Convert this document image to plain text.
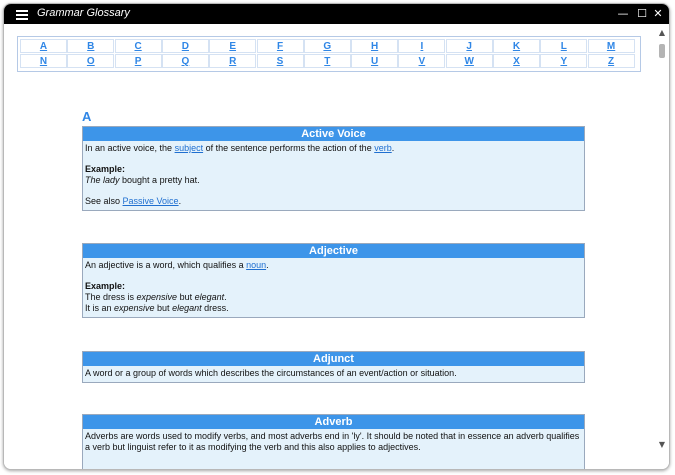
Grammar Glossary	— ☐ ✕
A	B	C	D	E	F	G	H	I	J	K	L	M
N	O	P	Q	R	S	T	U	V	W	X	Y	Z
A
Active Voice

In an active voice, the subject of the sentence performs the action of the verb.

Example:

The lady bought a pretty hat.

See also Passive Voice.

Adjective

An adjective is a word, which qualifies a noun.

Example:

The dress is expensive but elegant.

It is an expensive but elegant dress.

Adjunct

A word or a group of words which describes the circumstances of an event/action or situation.

Adverb

Adverbs are words used to modify verbs, and most adverbs end in 'ly'. It should be noted that in essence an adverb qualifies a verb but linguist refer to it as modifying the verb and this also applies to adjectives.

▲
▼
